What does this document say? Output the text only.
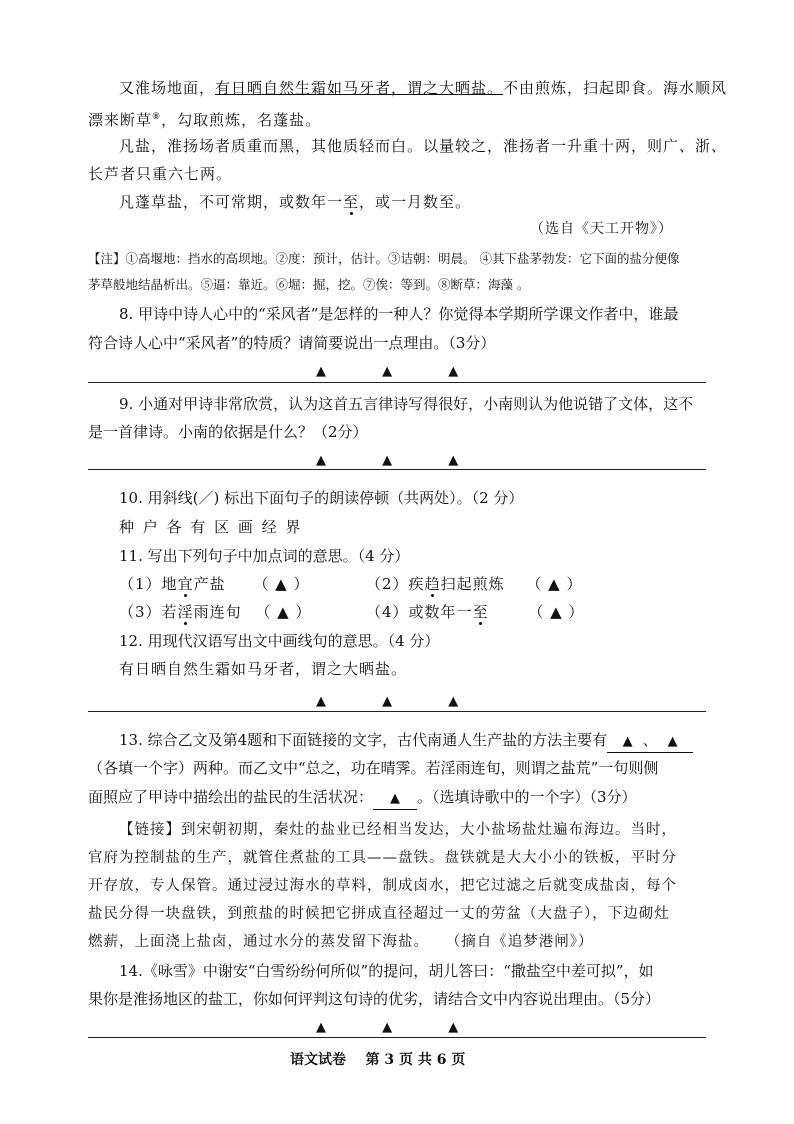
又淮场地面，有日晒自然生霜如马牙者，谓之大晒盐。不由煎炼，扫起即食。海水顺风
漂来断草⑧，勾取煎炼，名蓬盐。
凡盐，淮扬场者质重而黑，其他质轻而白。以量较之，淮扬者一升重十两，则广、浙、
长芦者只重六七两。
凡蓬草盐，不可常期，或数年一至，或一月数至。
（选自《天工开物》）
【注】①高堰地：挡水的高坝地。②度：预计，估计。③诘朝：明晨。 ④其下盐茅勃发：它下面的盐分便像
茅草般地结晶析出。⑤逼：靠近。⑥堀：掘，挖。⑦俟：等到。⑧断草：海藻 。
8. 甲诗中诗人心中的“采风者”是怎样的一种人？你觉得本学期所学课文作者中，谁最
符合诗人心中“采风者”的特质？请简要说出一点理由。（3分）
▲ ▲ ▲
9. 小通对甲诗非常欣赏，认为这首五言律诗写得很好，小南则认为他说错了文体，这不
是一首律诗。小南的依据是什么？（2分）
▲ ▲ ▲
10. 用斜线(／) 标出下面句子的朗读停顿（共两处）。（2 分）
种 户 各 有 区 画 经 界
11. 写出下列句子中加点词的意思。（4 分）
（1）地宜产盐 （ ▲ ）	（2）疾趋扫起煎炼 （ ▲ ）
（3）若淫雨连旬 （ ▲ ）	（4）或数年一至	（ ▲ ）
12. 用现代汉语写出文中画线句的意思。（4 分）
有日晒自然生霜如马牙者，谓之大晒盐。
▲ ▲ ▲
13. 综合乙文及第4题和下面链接的文字，古代南通人生产盐的方法主要有 ▲ 、 ▲
（各填一个字）两种。而乙文中“总之，功在晴霁。若淫雨连旬，则谓之盐荒”一句则侧
面照应了甲诗中描绘出的盐民的生活状况： ▲ 。（选填诗歌中的一个字）（3分）
【链接】到宋朝初期，秦灶的盐业已经相当发达，大小盐场盐灶遍布海边。当时，
官府为控制盐的生产，就管住煮盐的工具——盘铁。盘铁就是大大小小的铁板，平时分
开存放，专人保管。通过浸过海水的草料，制成卤水，把它过滤之后就变成盐卤，每个
盐民分得一块盘铁，到煎盐的时候把它拼成直径超过一丈的劳盆（大盘子），下边砌灶
燃薪，上面浇上盐卤，通过水分的蒸发留下海盐。 （摘自《追梦港闸》）
14.《咏雪》中谢安“白雪纷纷何所似”的提问，胡儿答曰：“撒盐空中差可拟”，如
果你是淮扬地区的盐工，你如何评判这句诗的优劣，请结合文中内容说出理由。（5分）
▲ ▲ ▲
语文试卷    第 3 页 共 6 页
